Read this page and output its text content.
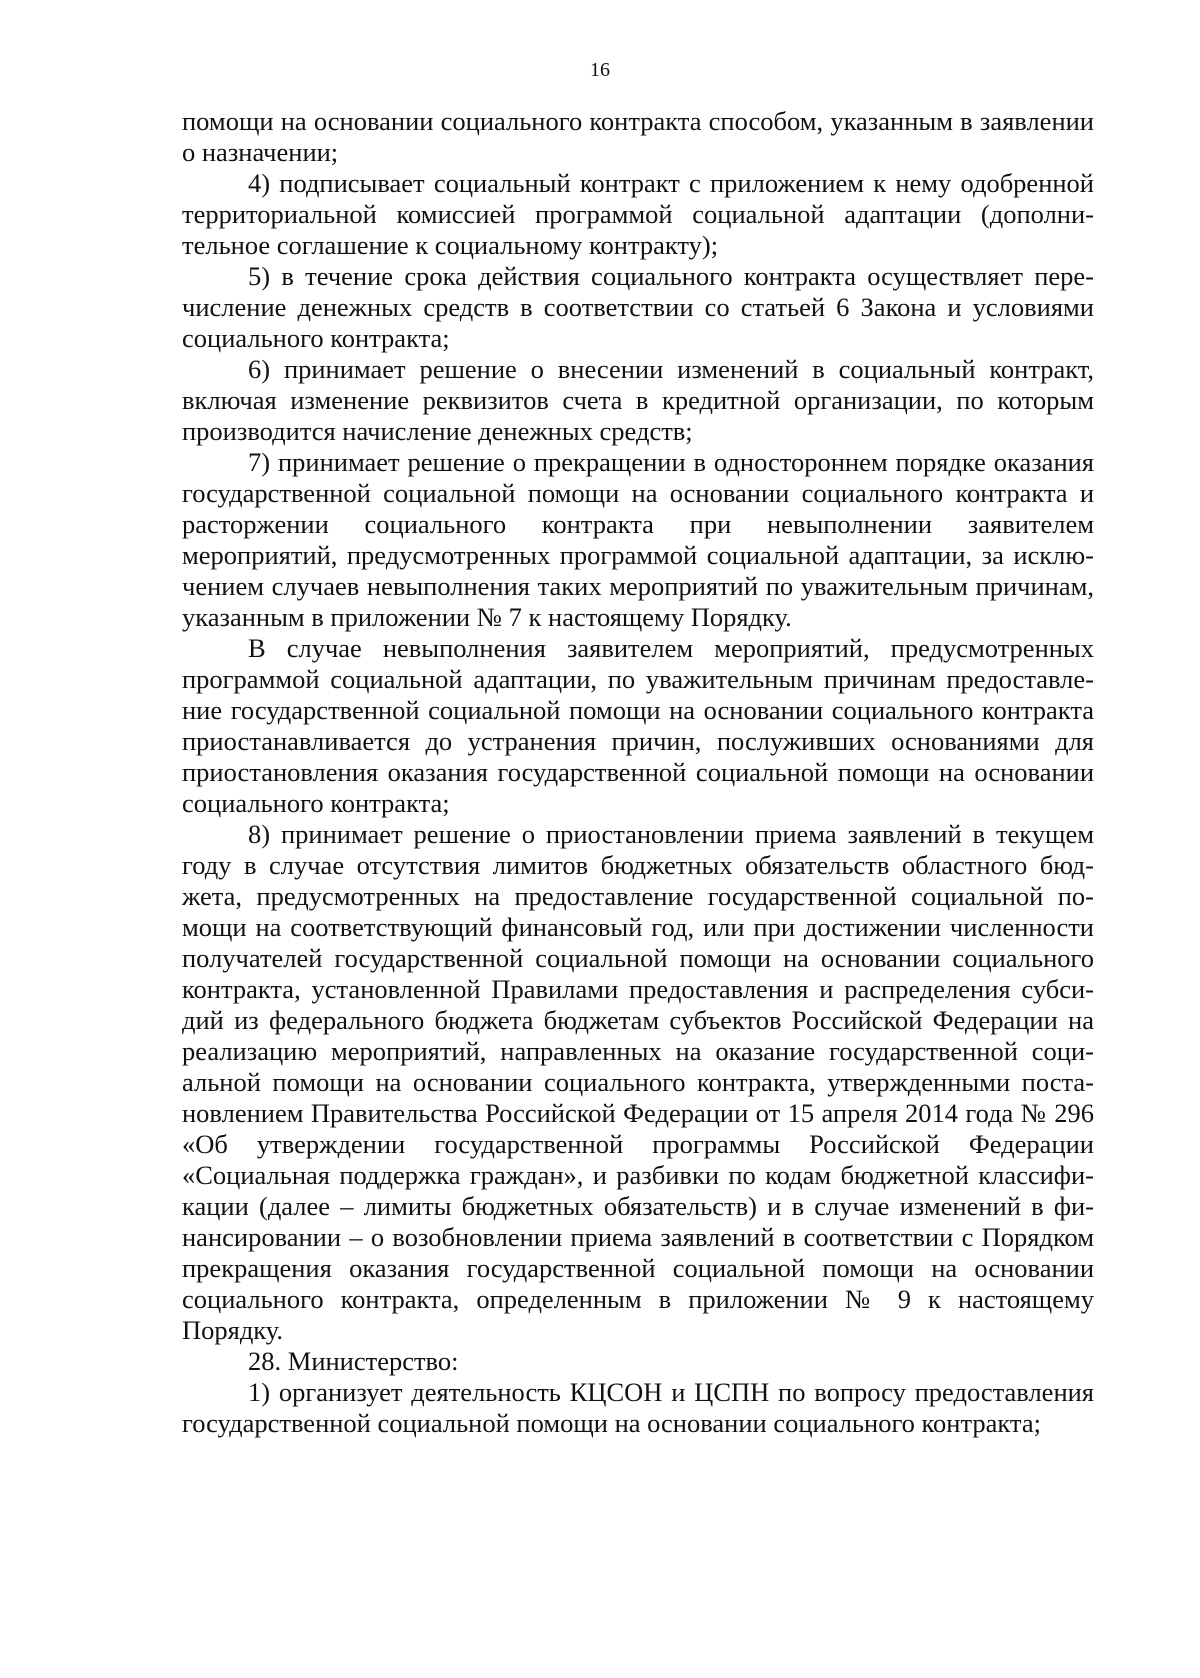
16

помощи на основании социального контракта способом, указанным в заявлении о назначении;

4) подписывает социальный контракт с приложением к нему одобренной территориальной комиссией программой социальной адаптации (дополнительное соглашение к социальному контракту);

5) в течение срока действия социального контракта осуществляет перечисление денежных средств в соответствии со статьей 6 Закона и условиями социального контракта;

6) принимает решение о внесении изменений в социальный контракт, включая изменение реквизитов счета в кредитной организации, по которым производится начисление денежных средств;

7) принимает решение о прекращении в одностороннем порядке оказания государственной социальной помощи на основании социального контракта и расторжении социального контракта при невыполнении заявителем мероприятий, предусмотренных программой социальной адаптации, за исключением случаев невыполнения таких мероприятий по уважительным причинам, указанным в приложении № 7 к настоящему Порядку.

В случае невыполнения заявителем мероприятий, предусмотренных программой социальной адаптации, по уважительным причинам предоставление государственной социальной помощи на основании социального контракта приостанавливается до устранения причин, послуживших основаниями для приостановления оказания государственной социальной помощи на основании социального контракта;

8) принимает решение о приостановлении приема заявлений в текущем году в случае отсутствия лимитов бюджетных обязательств областного бюджета, предусмотренных на предоставление государственной социальной помощи на соответствующий финансовый год, или при достижении численности получателей государственной социальной помощи на основании социального контракта, установленной Правилами предоставления и распределения субсидий из федерального бюджета бюджетам субъектов Российской Федерации на реализацию мероприятий, направленных на оказание государственной социальной помощи на основании социального контракта, утвержденными постановлением Правительства Российской Федерации от 15 апреля 2014 года № 296 «Об утверждении государственной программы Российской Федерации «Социальная поддержка граждан», и разбивки по кодам бюджетной классификации (далее – лимиты бюджетных обязательств) и в случае изменений в финансировании – о возобновлении приема заявлений в соответствии с Порядком прекращения оказания государственной социальной помощи на основании социального контракта, определенным в приложении № 9 к настоящему Порядку.

28. Министерство:

1) организует деятельность КЦСОН и ЦСПН по вопросу предоставления государственной социальной помощи на основании социального контракта;
